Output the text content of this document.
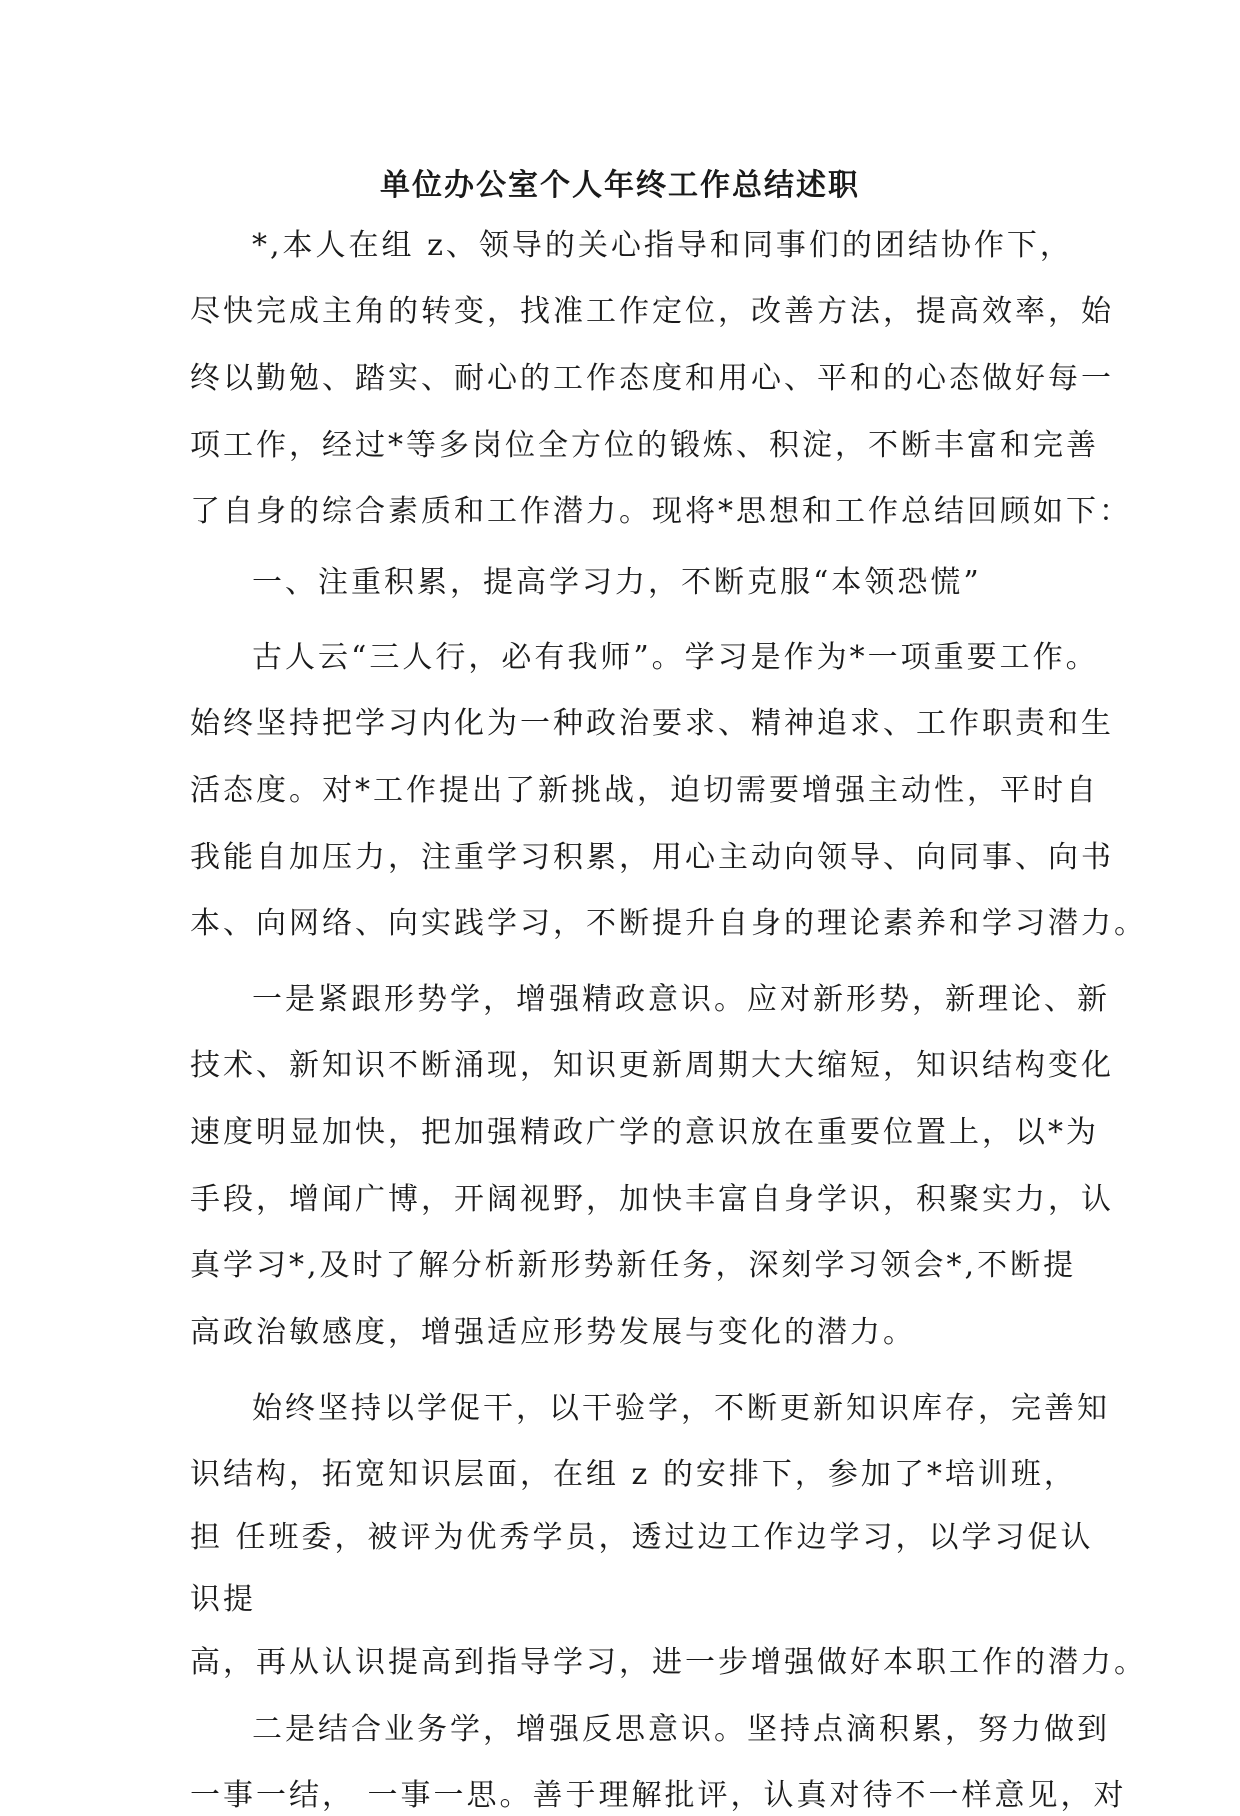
单位办公室个人年终工作总结述职
*,本人在组 z、领导的关心指导和同事们的团结协作下，
尽快完成主角的转变，找准工作定位，改善方法，提高效率，始
终以勤勉、踏实、耐心的工作态度和用心、平和的心态做好每一
项工作，经过*等多岗位全方位的锻炼、积淀，不断丰富和完善
了自身的综合素质和工作潜力。现将*思想和工作总结回顾如下：
一、注重积累，提高学习力，不断克服“本领恐慌”
古人云“三人行，必有我师”。学习是作为*一项重要工作。
始终坚持把学习内化为一种政治要求、精神追求、工作职责和生
活态度。对*工作提出了新挑战，迫切需要增强主动性，平时自
我能自加压力，注重学习积累，用心主动向领导、向同事、向书
本、向网络、向实践学习，不断提升自身的理论素养和学习潜力。
一是紧跟形势学，增强精政意识。应对新形势，新理论、新
技术、新知识不断涌现，知识更新周期大大缩短，知识结构变化
速度明显加快，把加强精政广学的意识放在重要位置上，以*为
手段，增闻广博，开阔视野，加快丰富自身学识，积聚实力，认
真学习*,及时了解分析新形势新任务，深刻学习领会*,不断提
高政治敏感度，增强适应形势发展与变化的潜力。
始终坚持以学促干，以干验学，不断更新知识库存，完善知
识结构，拓宽知识层面，在组 z 的安排下，参加了*培训班，
担 任班委，被评为优秀学员，透过边工作边学习，以学习促认
识提
高，再从认识提高到指导学习，进一步增强做好本职工作的潜力。
二是结合业务学，增强反思意识。坚持点滴积累，努力做到
一事一结， 一事一思。善于理解批评，认真对待不一样意见，对
